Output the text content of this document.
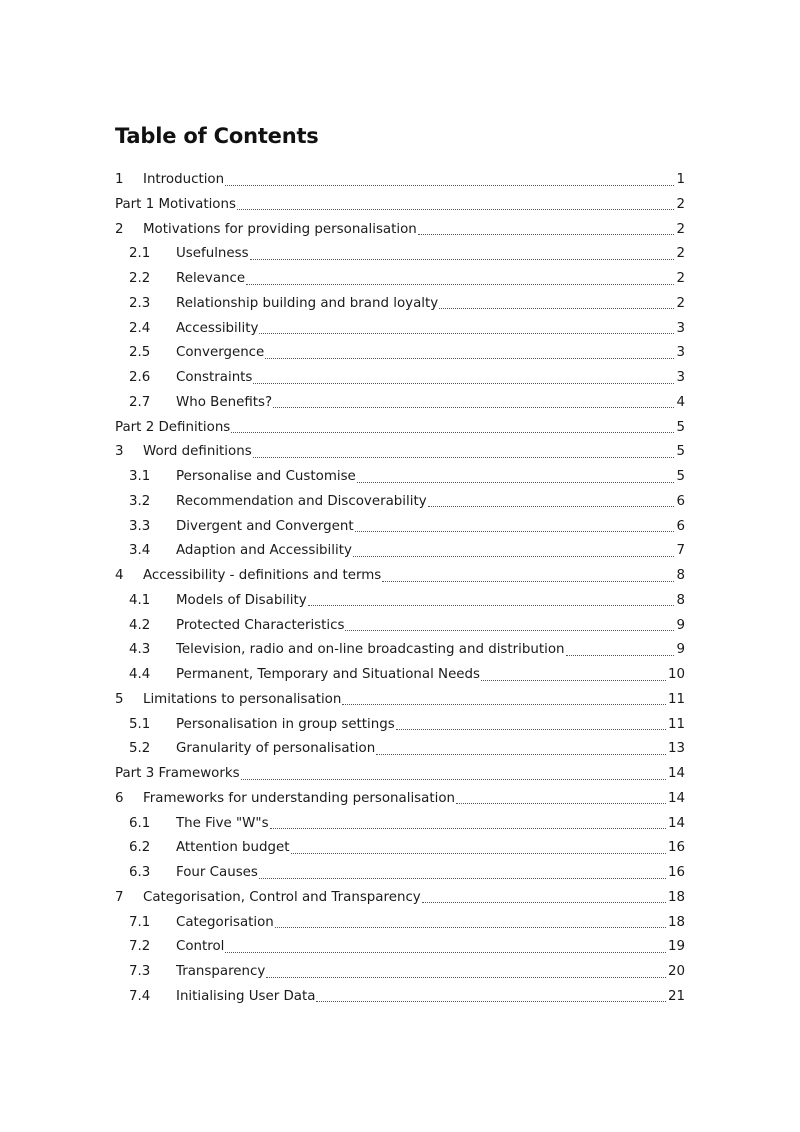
Table of Contents
1	Introduction	1
Part 1 Motivations	2
2	Motivations for providing personalisation	2
2.1	Usefulness	2
2.2	Relevance	2
2.3	Relationship building and brand loyalty	2
2.4	Accessibility	3
2.5	Convergence	3
2.6	Constraints	3
2.7	Who Benefits?	4
Part 2 Definitions	5
3	Word definitions	5
3.1	Personalise and Customise	5
3.2	Recommendation and Discoverability	6
3.3	Divergent and Convergent	6
3.4	Adaption and Accessibility	7
4	Accessibility - definitions and terms	8
4.1	Models of Disability	8
4.2	Protected Characteristics	9
4.3	Television, radio and on-line broadcasting and distribution	9
4.4	Permanent, Temporary and Situational Needs	10
5	Limitations to personalisation	11
5.1	Personalisation in group settings	11
5.2	Granularity of personalisation	13
Part 3 Frameworks	14
6	Frameworks for understanding personalisation	14
6.1	The Five "W"s	14
6.2	Attention budget	16
6.3	Four Causes	16
7	Categorisation, Control and Transparency	18
7.1	Categorisation	18
7.2	Control	19
7.3	Transparency	20
7.4	Initialising User Data	21
